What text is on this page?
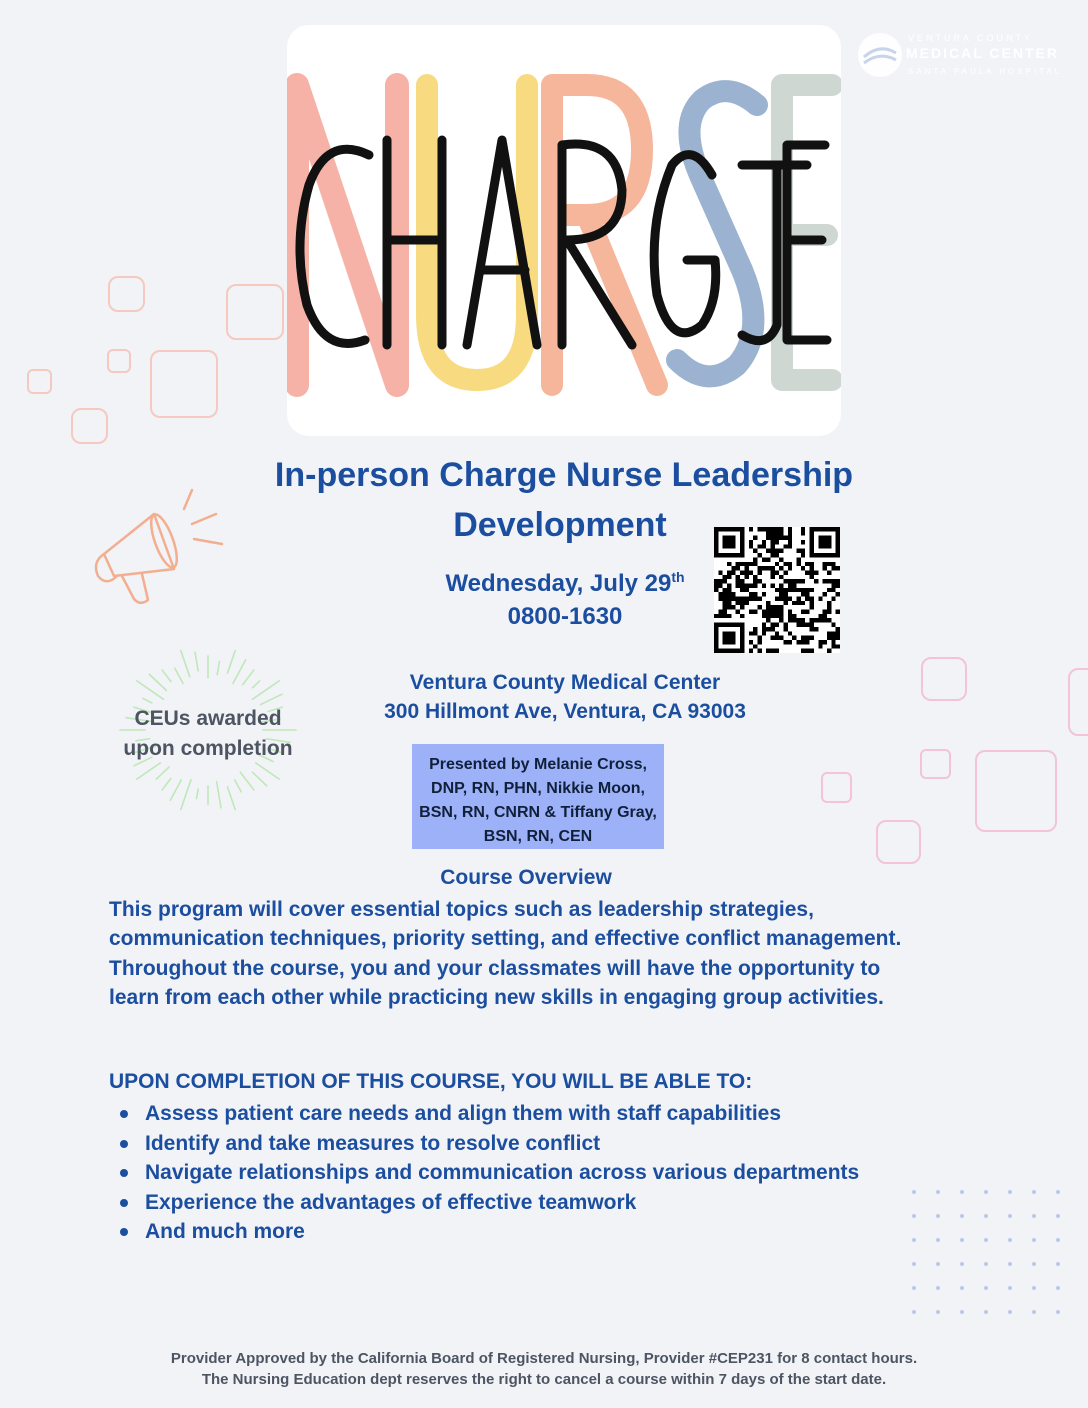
VENTURA COUNTY
MEDICAL CENTER
SANTA PAULA HOSPITAL
In-person Charge Nurse Leadership
Development
Wednesday, July 29th
0800-1630
Ventura County Medical Center
300 Hillmont Ave, Ventura, CA 93003
CEUs awarded
upon completion
Presented by Melanie Cross, DNP, RN, PHN, Nikkie Moon, BSN, RN, CNRN & Tiffany Gray, BSN, RN, CEN
Course Overview
This program will cover essential topics such as leadership strategies, communication techniques, priority setting, and effective conflict management. Throughout the course, you and your classmates will have the opportunity to learn from each other while practicing new skills in engaging group activities.
UPON COMPLETION OF THIS COURSE, YOU WILL BE ABLE TO:
Assess patient care needs and align them with staff capabilities
Identify and take measures to resolve conflict
Navigate relationships and communication across various departments
Experience the advantages of effective teamwork
And much more
Provider Approved by the California Board of Registered Nursing, Provider #CEP231 for 8 contact hours.
The Nursing Education dept reserves the right to cancel a course within 7 days of the start date.
